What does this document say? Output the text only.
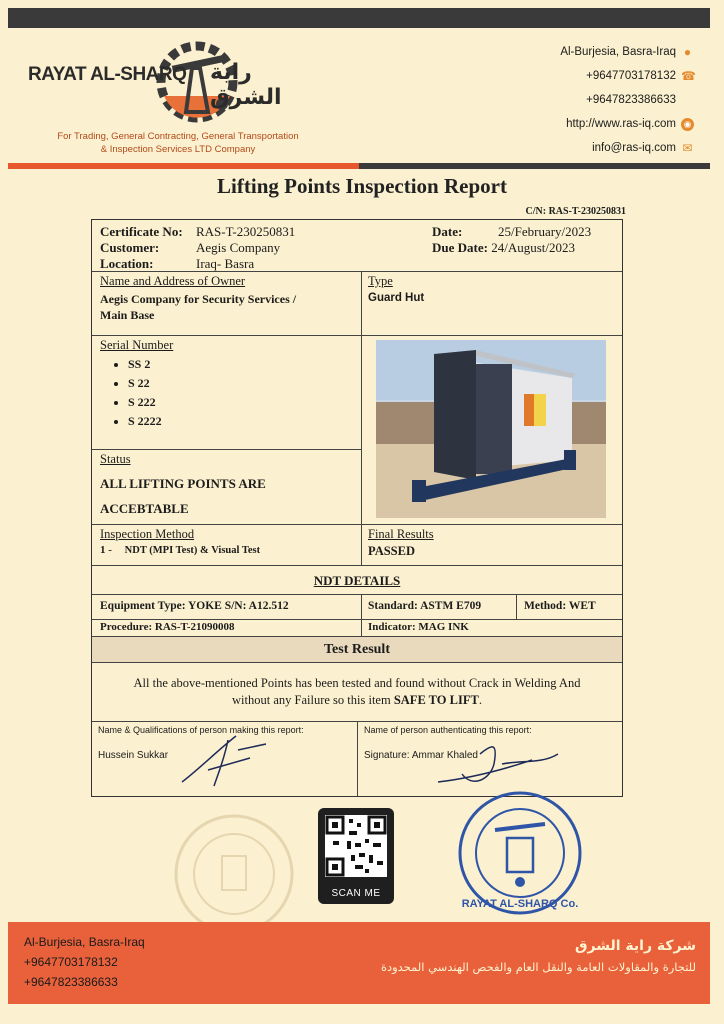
RAYAT AL-SHARQ راية الشرق
For Trading, General Contracting, General Transportation
& Inspection Services LTD Company
Al-Burjesia, Basra-Iraq ●
+9647703178132 ☎
+9647823386633
http://www.ras-iq.com ◉
info@ras-iq.com ✉
Lifting Points Inspection Report
C/N: RAS-T-230250831
Certificate No: RAS-T-230250831
Customer:	Aegis Company
Location:	Iraq- Basra
Date:	25/February/2023
Due Date: 24/August/2023
Name and Address of Owner
Aegis Company for Security Services /
Main Base
Type
Guard Hut
Serial Number
• SS 2
• S 22
• S 222
• S 2222
Status
ALL LIFTING POINTS ARE
ACCEBTABLE
Inspection Method
1 - NDT (MPI Test) & Visual Test
Final Results
PASSED
NDT DETAILS
Equipment Type: YOKE S/N: A12.512	Standard: ASTM E709	Method: WET
Procedure: RAS-T-21090008	Indicator: MAG INK
Test Result
All the above-mentioned Points has been tested and found without Crack in Welding And
without any Failure so this item SAFE TO LIFT.
Name & Qualifications of person making this report:
Hussein Sukkar
Name of person authenticating this report:
Signature: Ammar Khaled
SCAN ME
RAYAT AL-SHARQ Co.
Al-Burjesia, Basra-Iraq
+9647703178132
+9647823386633
شركة راية الشرق
للتجارة والمقاولات العامة والنقل العام والفحص الهندسي المحدودة
